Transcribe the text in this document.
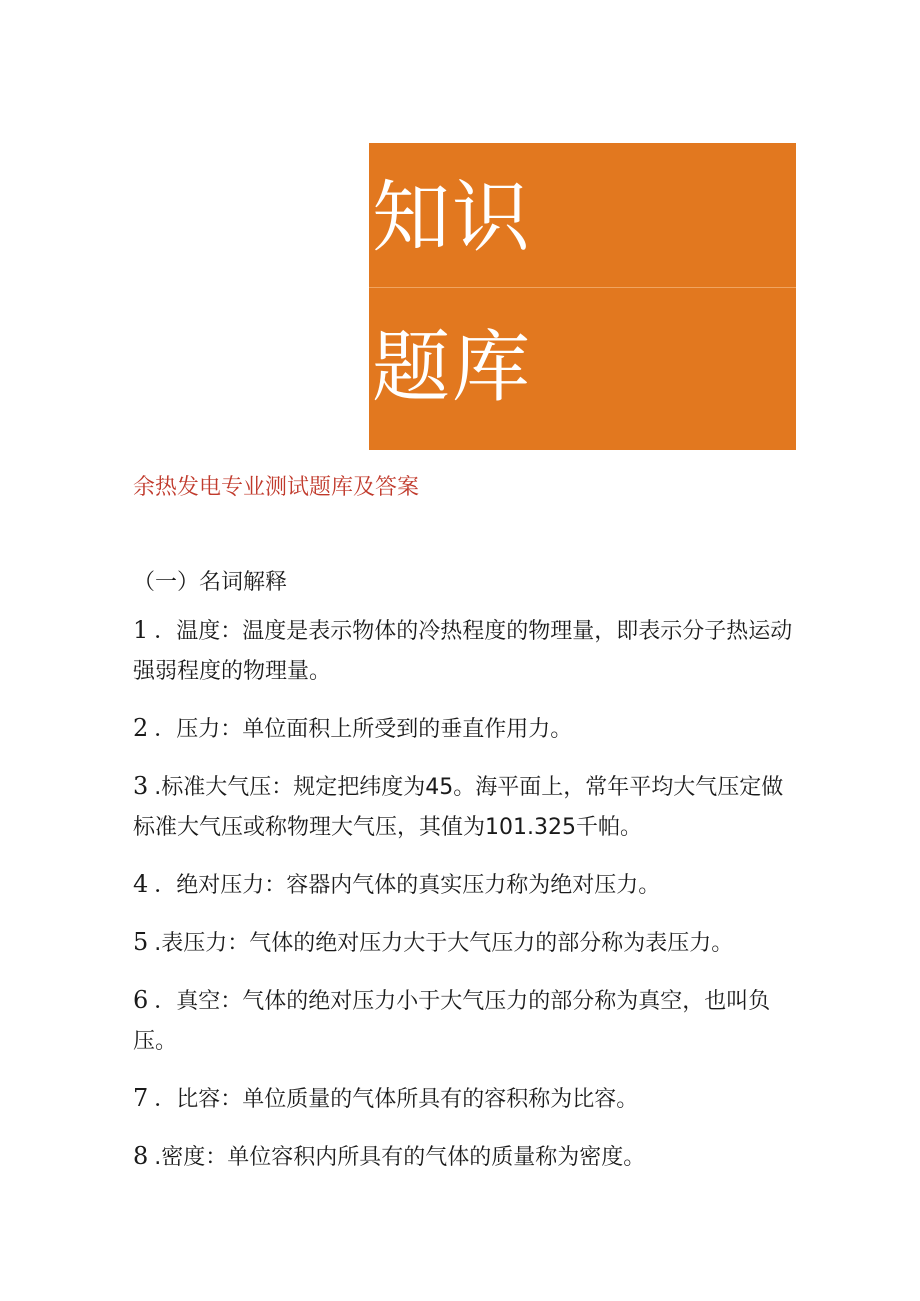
知识
题库
余热发电专业测试题库及答案
（一）名词解释
1 ．温度：温度是表示物体的冷热程度的物理量，即表示分子热运动强弱程度的物理量。
2 ．压力：单位面积上所受到的垂直作用力。
3 .标准大气压：规定把纬度为45。海平面上，常年平均大气压定做标准大气压或称物理大气压，其值为101.325千帕。
4 ．绝对压力：容器内气体的真实压力称为绝对压力。
5 .表压力：气体的绝对压力大于大气压力的部分称为表压力。
6 ．真空：气体的绝对压力小于大气压力的部分称为真空，也叫负压。
7 ．比容：单位质量的气体所具有的容积称为比容。
8 .密度：单位容积内所具有的气体的质量称为密度。
